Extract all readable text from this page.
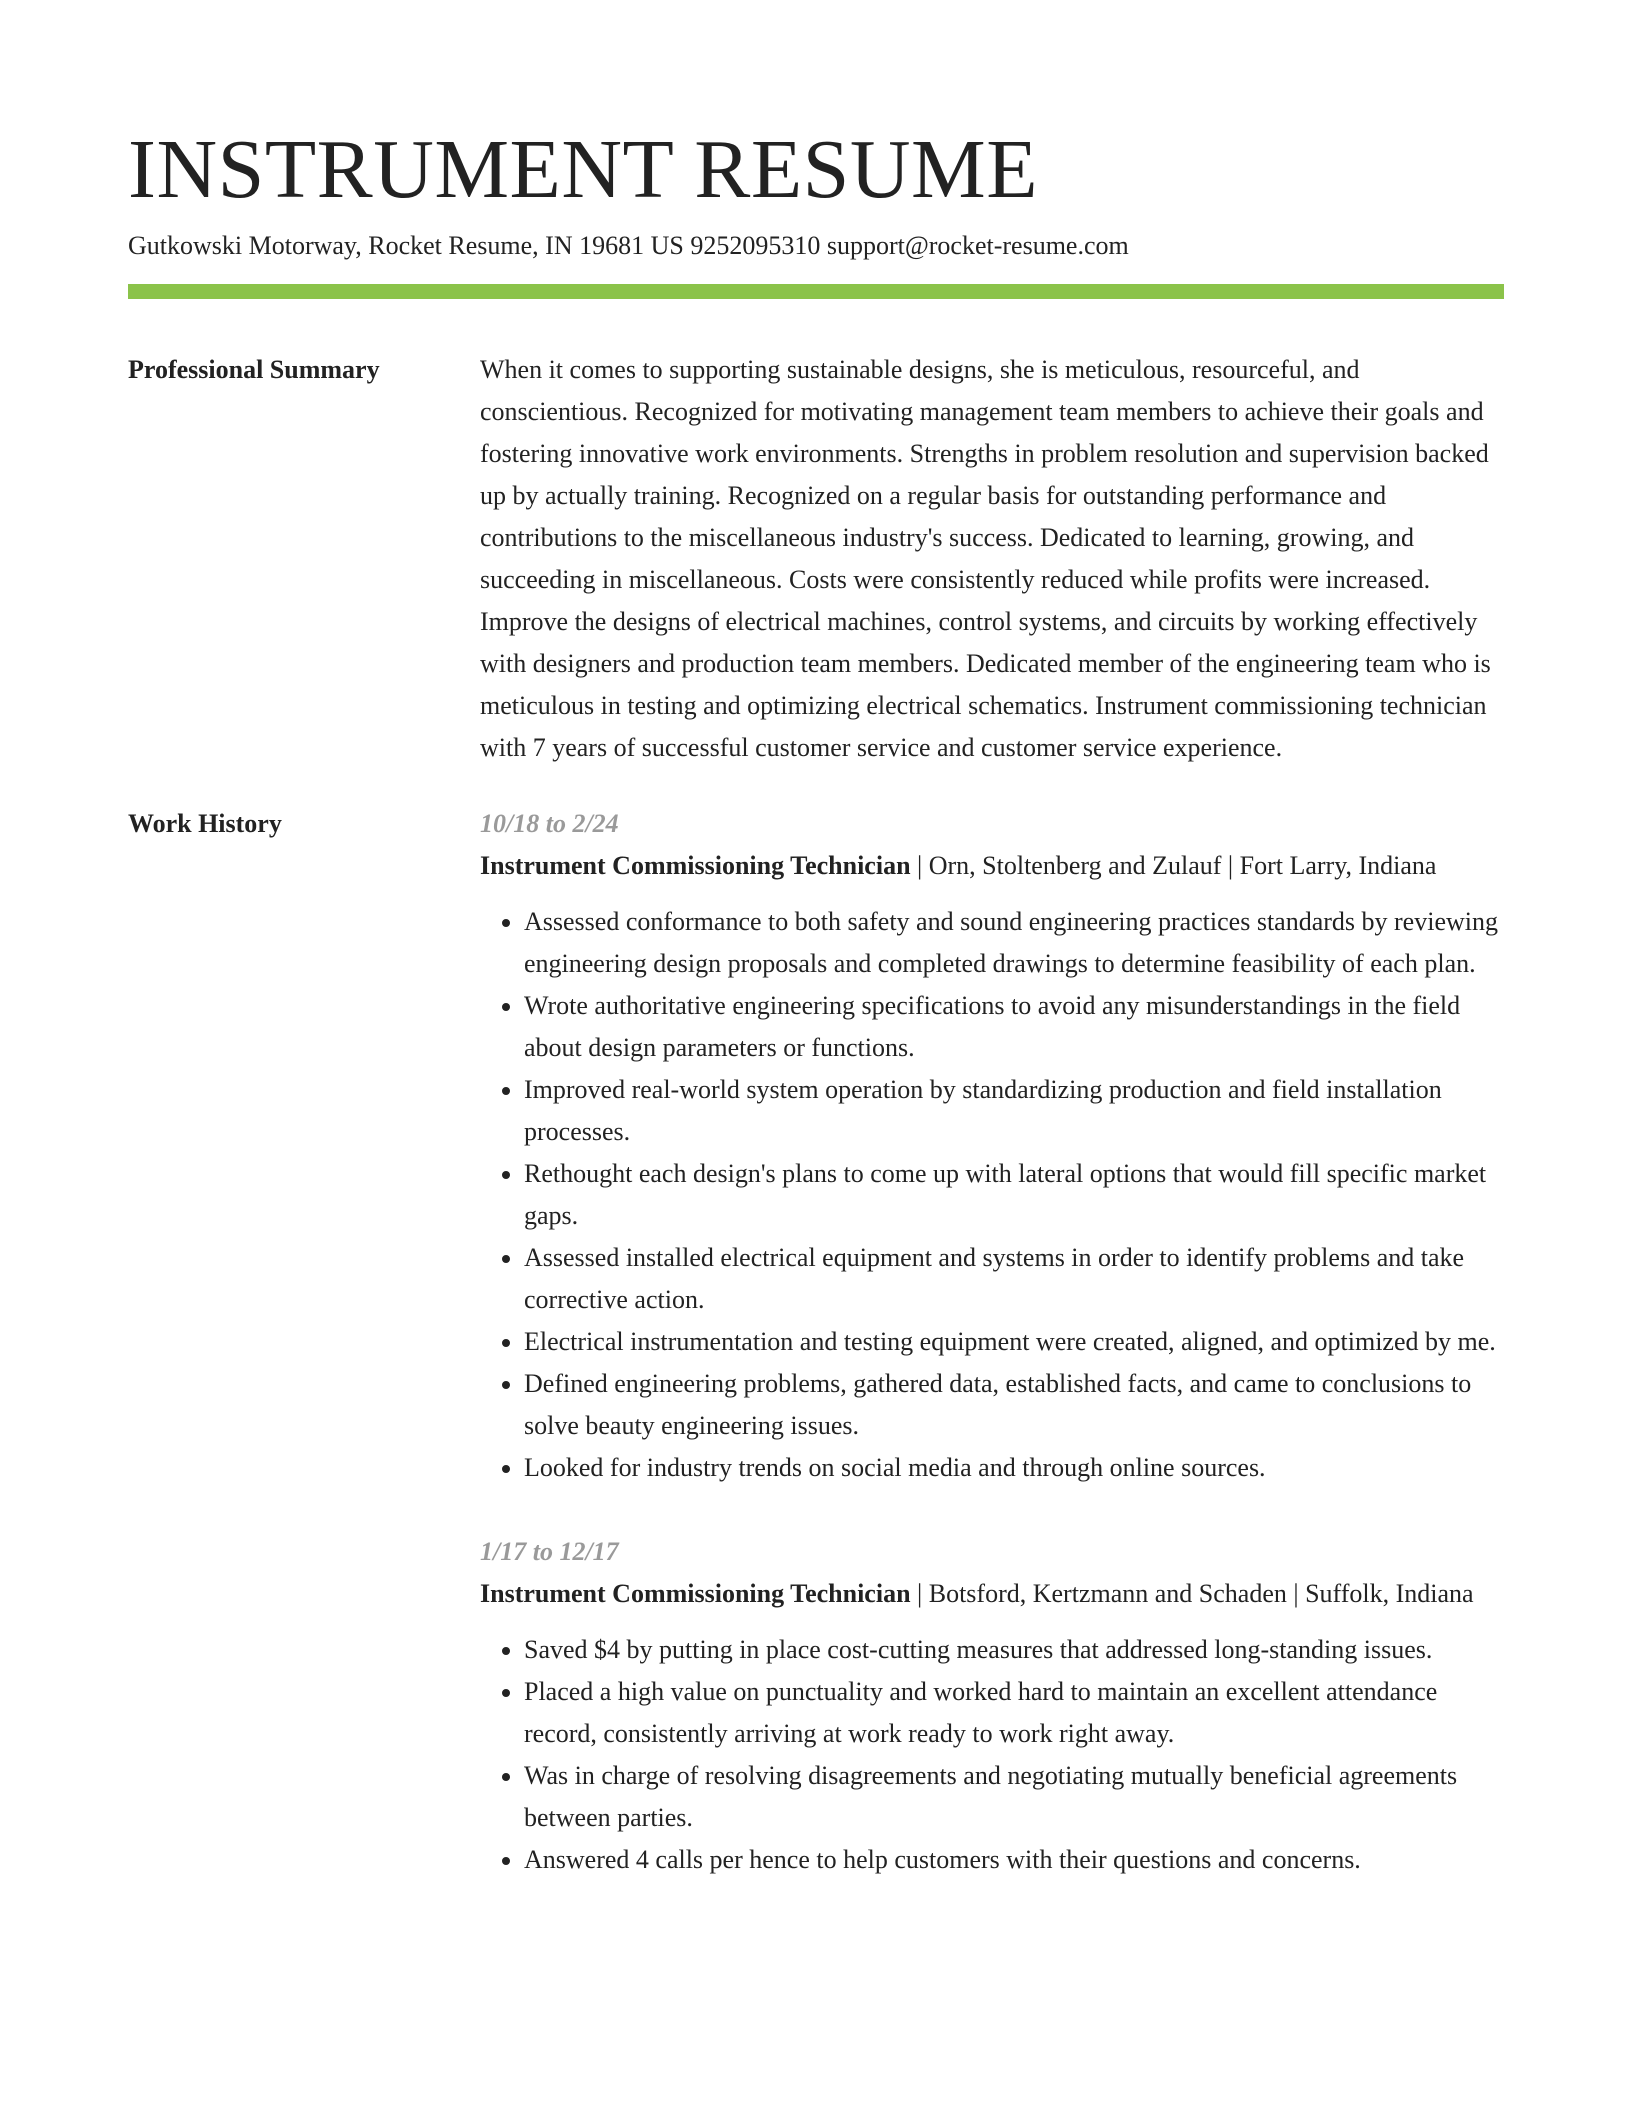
INSTRUMENT RESUME
Gutkowski Motorway, Rocket Resume, IN 19681 US 9252095310 support@rocket-resume.com
Professional Summary	When it comes to supporting sustainable designs, she is meticulous, resourceful, and conscientious. Recognized for motivating management team members to achieve their goals and fostering innovative work environments. Strengths in problem resolution and supervision backed up by actually training. Recognized on a regular basis for outstanding performance and contributions to the miscellaneous industry's success. Dedicated to learning, growing, and succeeding in miscellaneous. Costs were consistently reduced while profits were increased. Improve the designs of electrical machines, control systems, and circuits by working effectively with designers and production team members. Dedicated member of the engineering team who is meticulous in testing and optimizing electrical schematics. Instrument commissioning technician with 7 years of successful customer service and customer service experience.
Work History	10/18 to 2/24
Instrument Commissioning Technician | Orn, Stoltenberg and Zulauf | Fort Larry, Indiana
• Assessed conformance to both safety and sound engineering practices standards by reviewing engineering design proposals and completed drawings to determine feasibility of each plan.
• Wrote authoritative engineering specifications to avoid any misunderstandings in the field about design parameters or functions.
• Improved real-world system operation by standardizing production and field installation processes.
• Rethought each design's plans to come up with lateral options that would fill specific market gaps.
• Assessed installed electrical equipment and systems in order to identify problems and take corrective action.
• Electrical instrumentation and testing equipment were created, aligned, and optimized by me.
• Defined engineering problems, gathered data, established facts, and came to conclusions to solve beauty engineering issues.
• Looked for industry trends on social media and through online sources.
1/17 to 12/17
Instrument Commissioning Technician | Botsford, Kertzmann and Schaden | Suffolk, Indiana
• Saved $4 by putting in place cost-cutting measures that addressed long-standing issues.
• Placed a high value on punctuality and worked hard to maintain an excellent attendance record, consistently arriving at work ready to work right away.
• Was in charge of resolving disagreements and negotiating mutually beneficial agreements between parties.
• Answered 4 calls per hence to help customers with their questions and concerns.
